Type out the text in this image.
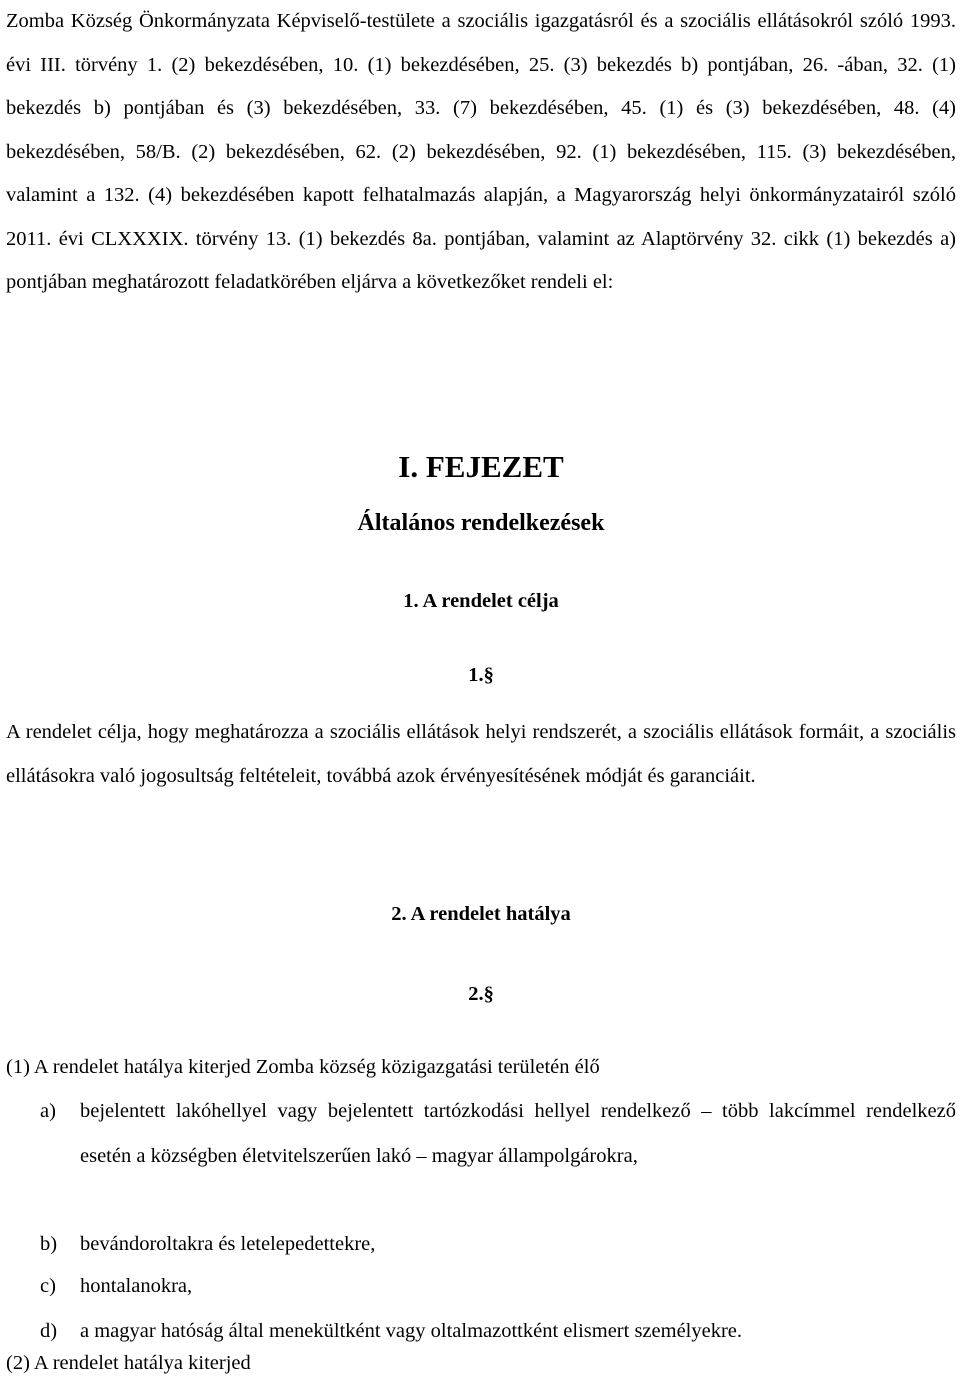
Zomba Község Önkormányzata Képviselő-testülete a szociális igazgatásról és a szociális ellátásokról szóló 1993. évi III. törvény 1. (2) bekezdésében, 10. (1) bekezdésében, 25. (3) bekezdés b) pontjában, 26. -ában, 32. (1) bekezdés b) pontjában és (3) bekezdésében, 33. (7) bekezdésében, 45. (1) és (3) bekezdésében, 48. (4) bekezdésében, 58/B. (2) bekezdésében, 62. (2) bekezdésében, 92. (1) bekezdésében, 115. (3) bekezdésében, valamint a 132. (4) bekezdésében kapott felhatalmazás alapján, a Magyarország helyi önkormányzatairól szóló 2011. évi CLXXXIX. törvény 13. (1) bekezdés 8a. pontjában, valamint az Alaptörvény 32. cikk (1) bekezdés a) pontjában meghatározott feladatkörében eljárva a következőket rendeli el:

I. FEJEZET
Általános rendelkezések
1. A rendelet célja
1.§

A rendelet célja, hogy meghatározza a szociális ellátások helyi rendszerét, a szociális ellátások formáit, a szociális ellátásokra való jogosultság feltételeit, továbbá azok érvényesítésének módját és garanciáit.

2. A rendelet hatálya
2.§

(1) A rendelet hatálya kiterjed Zomba község közigazgatási területén élő

a) bejelentett lakóhellyel vagy bejelentett tartózkodási hellyel rendelkező – több lakcímmel rendelkező esetén a községben életvitelszerűen lakó – magyar állampolgárokra,
b) bevándoroltakra és letelepedettekre,
c) hontalanokra,
d) a magyar hatóság által menekültként vagy oltalmazottként elismert személyekre.

(2) A rendelet hatálya kiterjed
